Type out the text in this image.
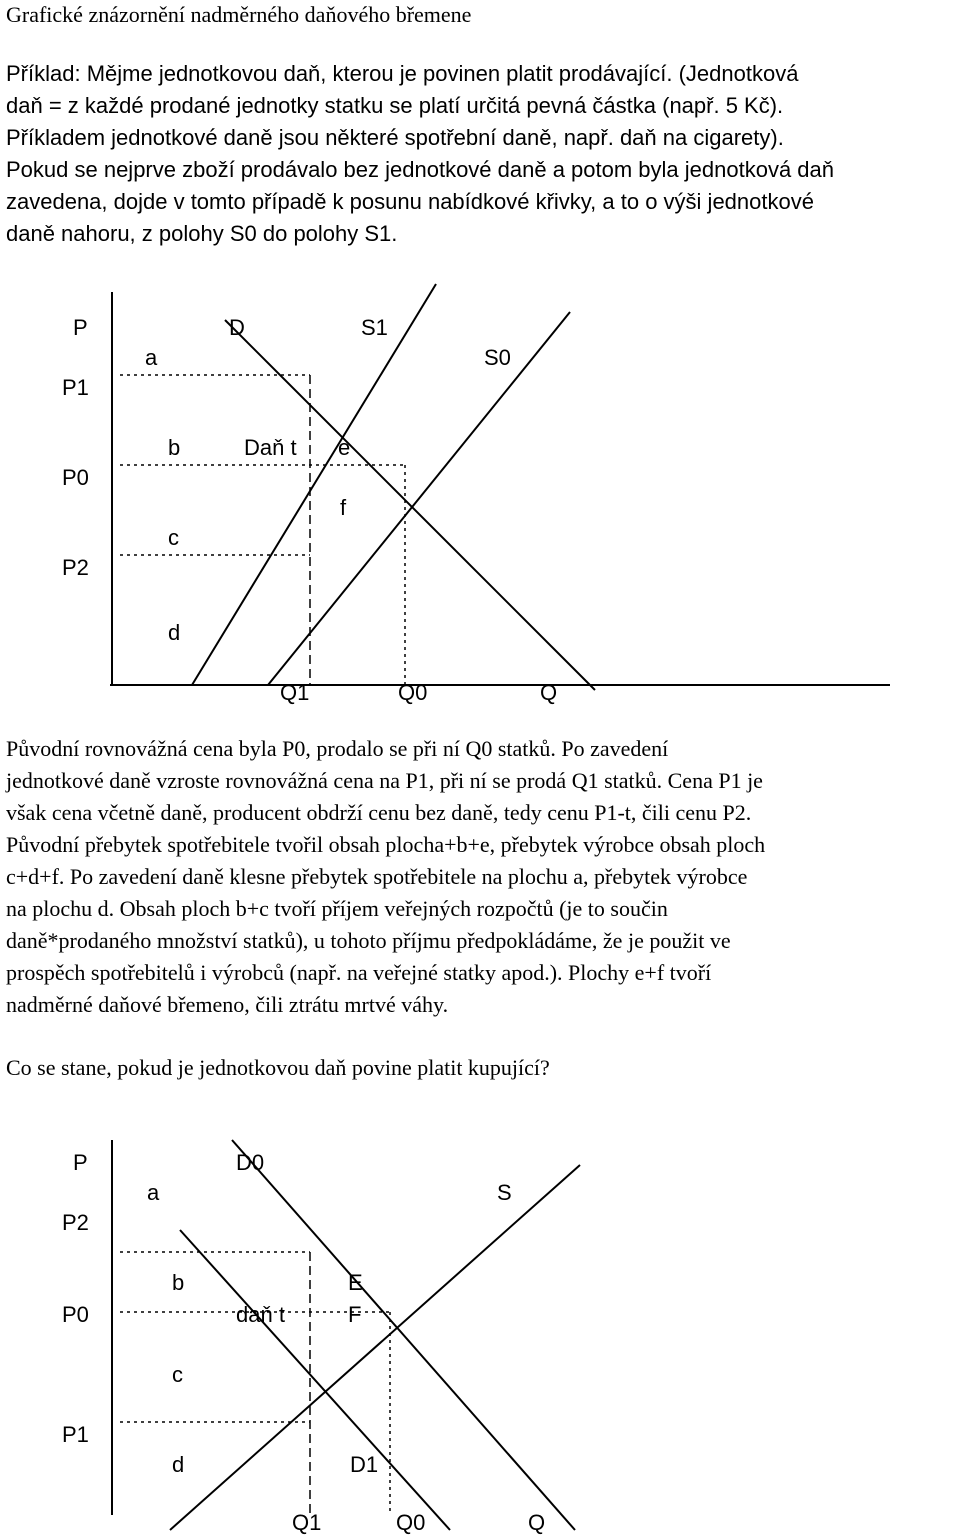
Grafické znázornění nadměrného daňového břemene

Příklad: Mějme jednotkovou daň, kterou je povinen platit prodávající. (Jednotková
daň = z každé prodané jednotky statku se platí určitá pevná částka (např. 5 Kč).
Příkladem jednotkové daně jsou některé spotřební daně, např. daň na cigarety).
Pokud se nejprve zboží prodávalo bez jednotkové daně a potom byla jednotková daň
zavedena, dojde v tomto případě k posunu nabídkové křivky, a to o výši jednotkové
daně nahoru, z polohy S0 do polohy S1.

P
P1
P0
P2
D	S1
S0
a
b
c
d
e
f
Daň t
Q1	Q0	Q

Původní rovnovážná cena byla P0, prodalo se při ní Q0 statků. Po zavedení
jednotkové daně vzroste rovnovážná cena na P1, při ní se prodá Q1 statků. Cena P1 je
však cena včetně daně, producent obdrží cenu bez daně, tedy cenu P1-t, čili cenu P2.
Původní přebytek spotřebitele tvořil obsah plocha+b+e, přebytek výrobce obsah ploch
c+d+f. Po zavedení daně klesne přebytek spotřebitele na plochu a, přebytek výrobce
na plochu d. Obsah ploch b+c tvoří příjem veřejných rozpočtů (je to součin
daně*prodaného množství statků), u tohoto příjmu předpokládáme, že je použit ve
prospěch spotřebitelů i výrobců (např. na veřejné statky apod.). Plochy e+f tvoří
nadměrné daňové břemeno, čili ztrátu mrtvé váhy.

Co se stane, pokud je jednotkovou daň povine platit kupující?

P
P2
P0
P1
D0
S
D1
a
b
c
d
E
F
daň t
Q1	Q0	Q
